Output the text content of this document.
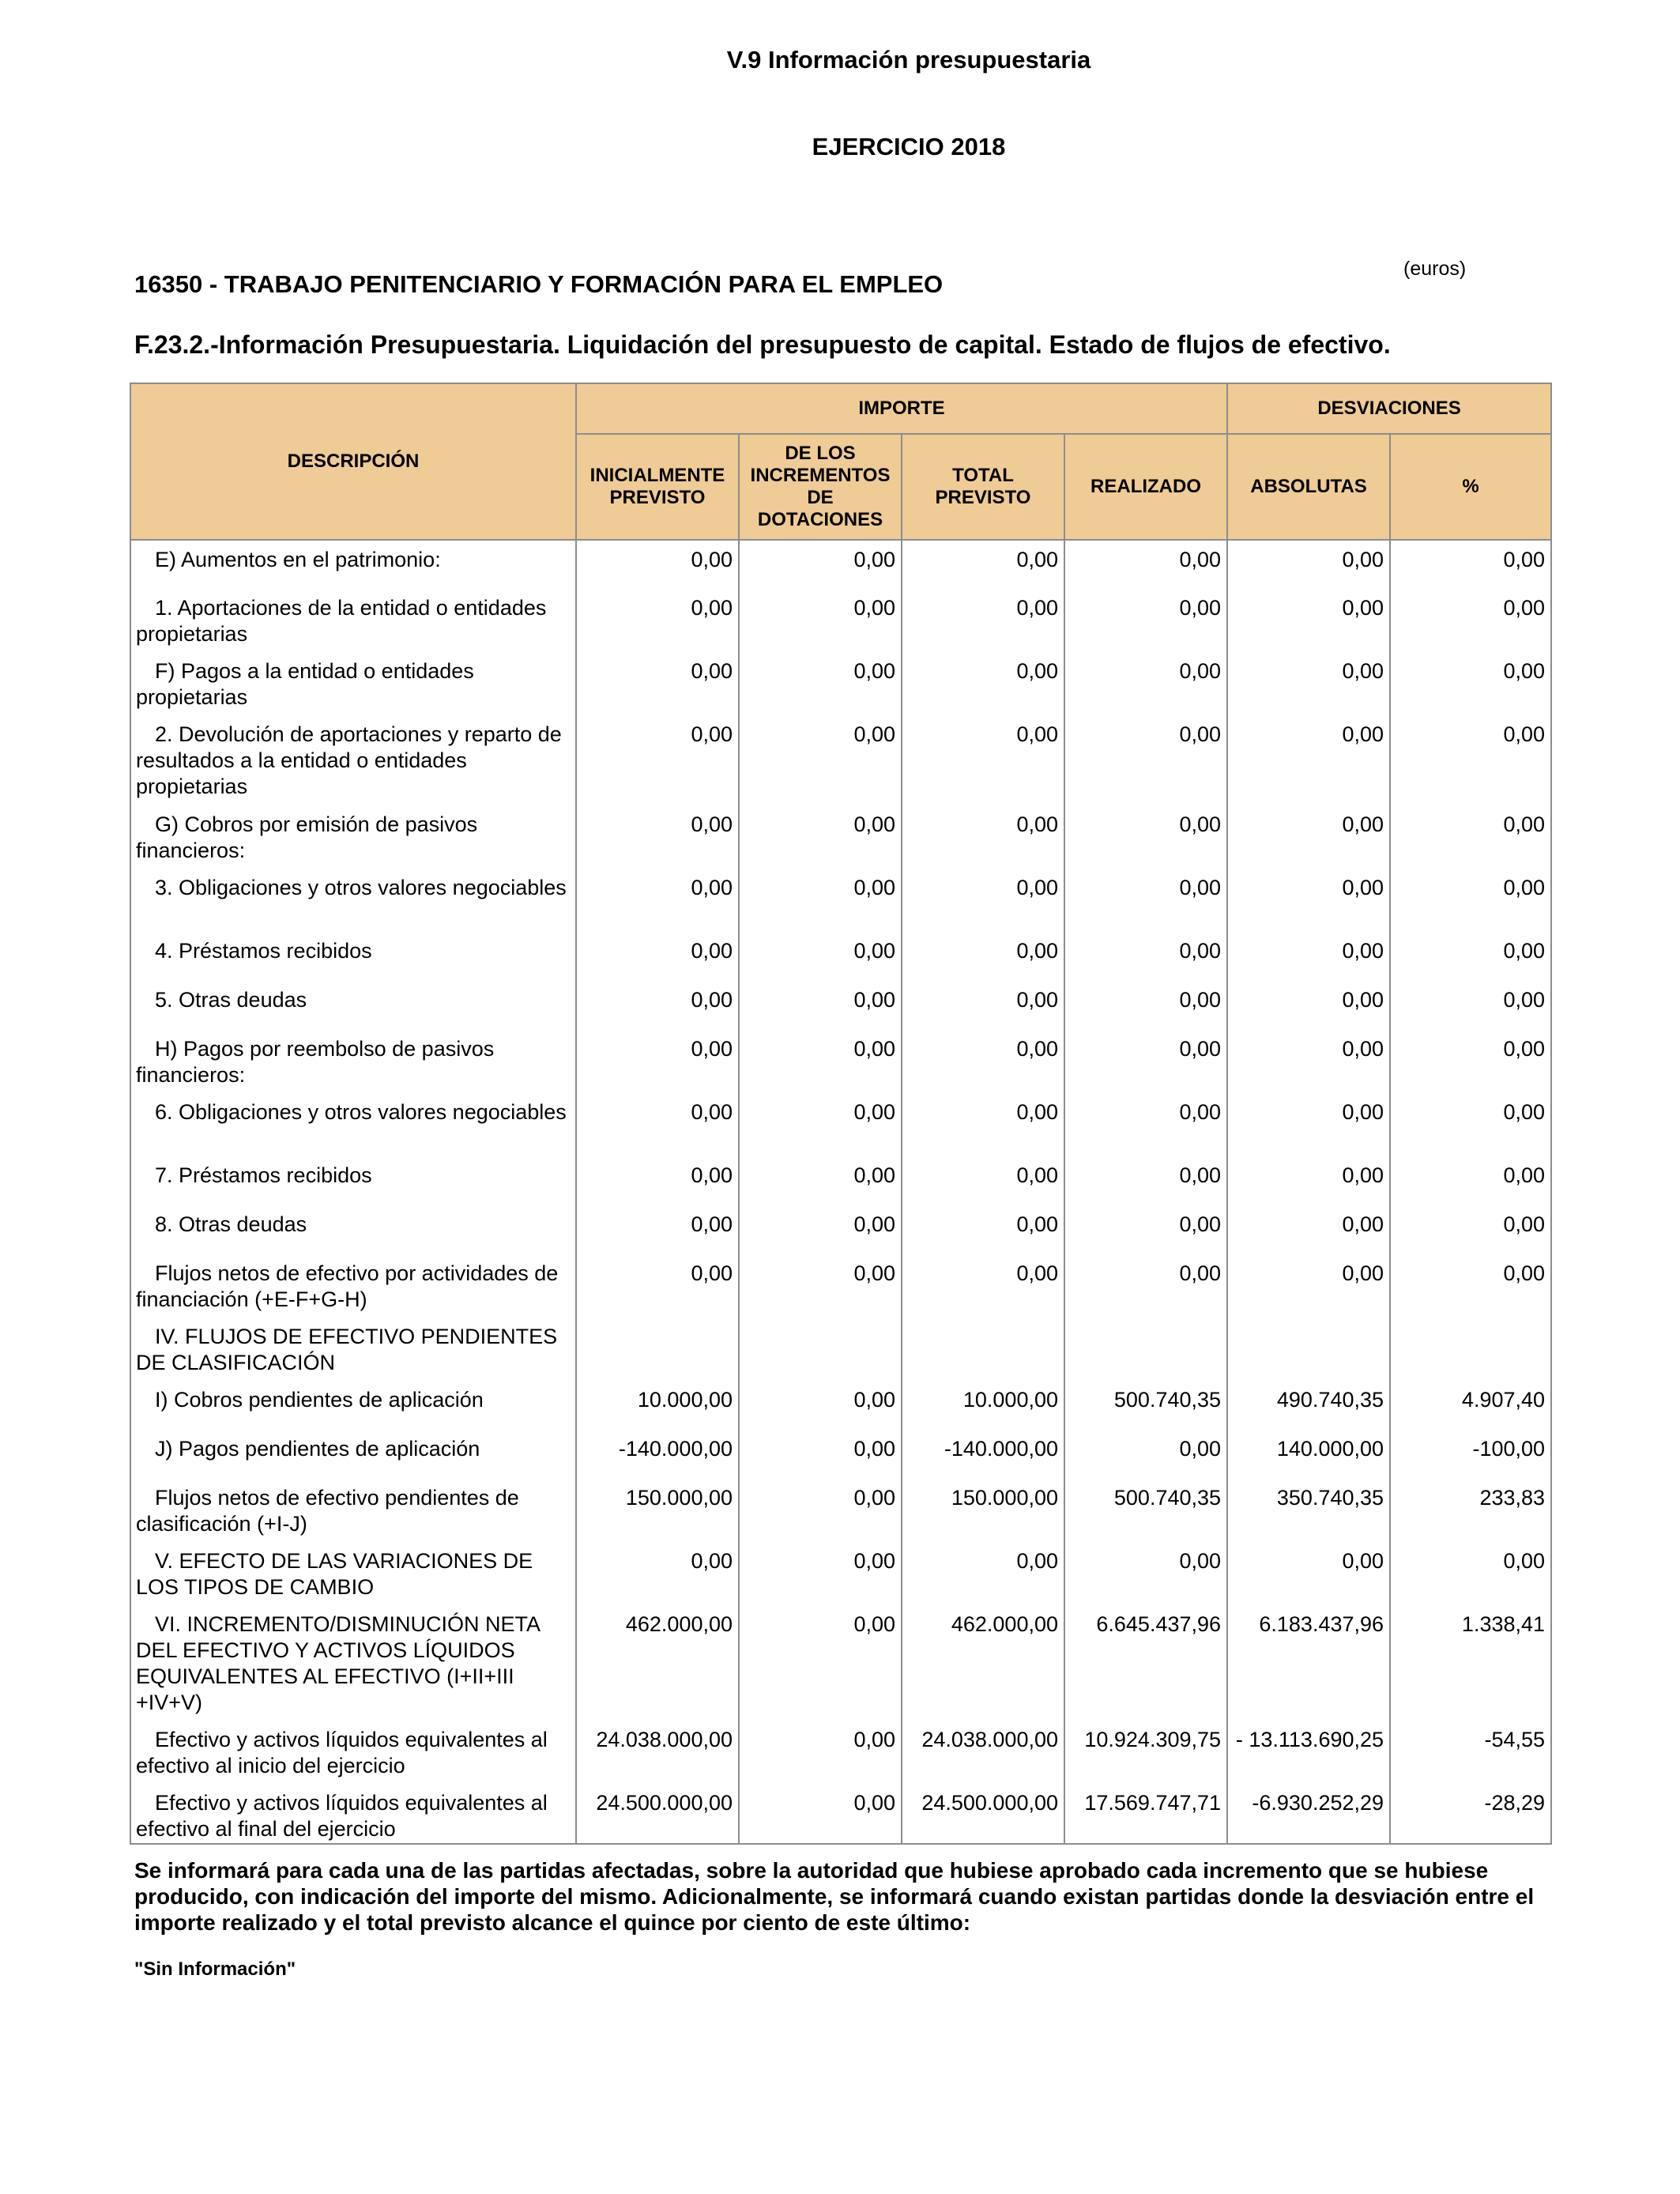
V.9 Información presupuestaria
EJERCICIO 2018
16350 - TRABAJO PENITENCIARIO Y FORMACIÓN PARA EL EMPLEO
(euros)
F.23.2.-Información Presupuestaria. Liquidación del presupuesto de capital. Estado de flujos de efectivo.
DESCRIPCIÓN	IMPORTE				DESVIACIONES	
	INICIALMENTE PREVISTO	DE LOS INCREMENTOS DE DOTACIONES	TOTAL PREVISTO	REALIZADO	ABSOLUTAS	%
E) Aumentos en el patrimonio:	0,00	0,00	0,00	0,00	0,00	0,00
1. Aportaciones de la entidad o entidades propietarias	0,00	0,00	0,00	0,00	0,00	0,00
F) Pagos a la entidad o entidades propietarias	0,00	0,00	0,00	0,00	0,00	0,00
2. Devolución de aportaciones y reparto de resultados a la entidad o entidades propietarias	0,00	0,00	0,00	0,00	0,00	0,00
G) Cobros por emisión de pasivos financieros:	0,00	0,00	0,00	0,00	0,00	0,00
3. Obligaciones y otros valores negociables	0,00	0,00	0,00	0,00	0,00	0,00
4. Préstamos recibidos	0,00	0,00	0,00	0,00	0,00	0,00
5. Otras deudas	0,00	0,00	0,00	0,00	0,00	0,00
H) Pagos por reembolso de pasivos financieros:	0,00	0,00	0,00	0,00	0,00	0,00
6. Obligaciones y otros valores negociables	0,00	0,00	0,00	0,00	0,00	0,00
7. Préstamos recibidos	0,00	0,00	0,00	0,00	0,00	0,00
8. Otras deudas	0,00	0,00	0,00	0,00	0,00	0,00
Flujos netos de efectivo por actividades de financiación (+E-F+G-H)	0,00	0,00	0,00	0,00	0,00	0,00
IV. FLUJOS DE EFECTIVO PENDIENTES DE CLASIFICACIÓN						
I) Cobros pendientes de aplicación	10.000,00	0,00	10.000,00	500.740,35	490.740,35	4.907,40
J) Pagos pendientes de aplicación	-140.000,00	0,00	-140.000,00	0,00	140.000,00	-100,00
Flujos netos de efectivo pendientes de clasificación (+I-J)	150.000,00	0,00	150.000,00	500.740,35	350.740,35	233,83
V. EFECTO DE LAS VARIACIONES DE LOS TIPOS DE CAMBIO	0,00	0,00	0,00	0,00	0,00	0,00
VI. INCREMENTO/DISMINUCIÓN NETA DEL EFECTIVO Y ACTIVOS LÍQUIDOS EQUIVALENTES AL EFECTIVO (I+II+III +IV+V)	462.000,00	0,00	462.000,00	6.645.437,96	6.183.437,96	1.338,41
Efectivo y activos líquidos equivalentes al efectivo al inicio del ejercicio	24.038.000,00	0,00	24.038.000,00	10.924.309,75	- 13.113.690,25	-54,55
Efectivo y activos líquidos equivalentes al efectivo al final del ejercicio	24.500.000,00	0,00	24.500.000,00	17.569.747,71	-6.930.252,29	-28,29
Se informará para cada una de las partidas afectadas, sobre la autoridad que hubiese aprobado cada incremento que se hubiese producido, con indicación del importe del mismo. Adicionalmente, se informará cuando existan partidas donde la desviación entre el importe realizado y el total previsto alcance el quince por ciento de este último:
"Sin Información"
